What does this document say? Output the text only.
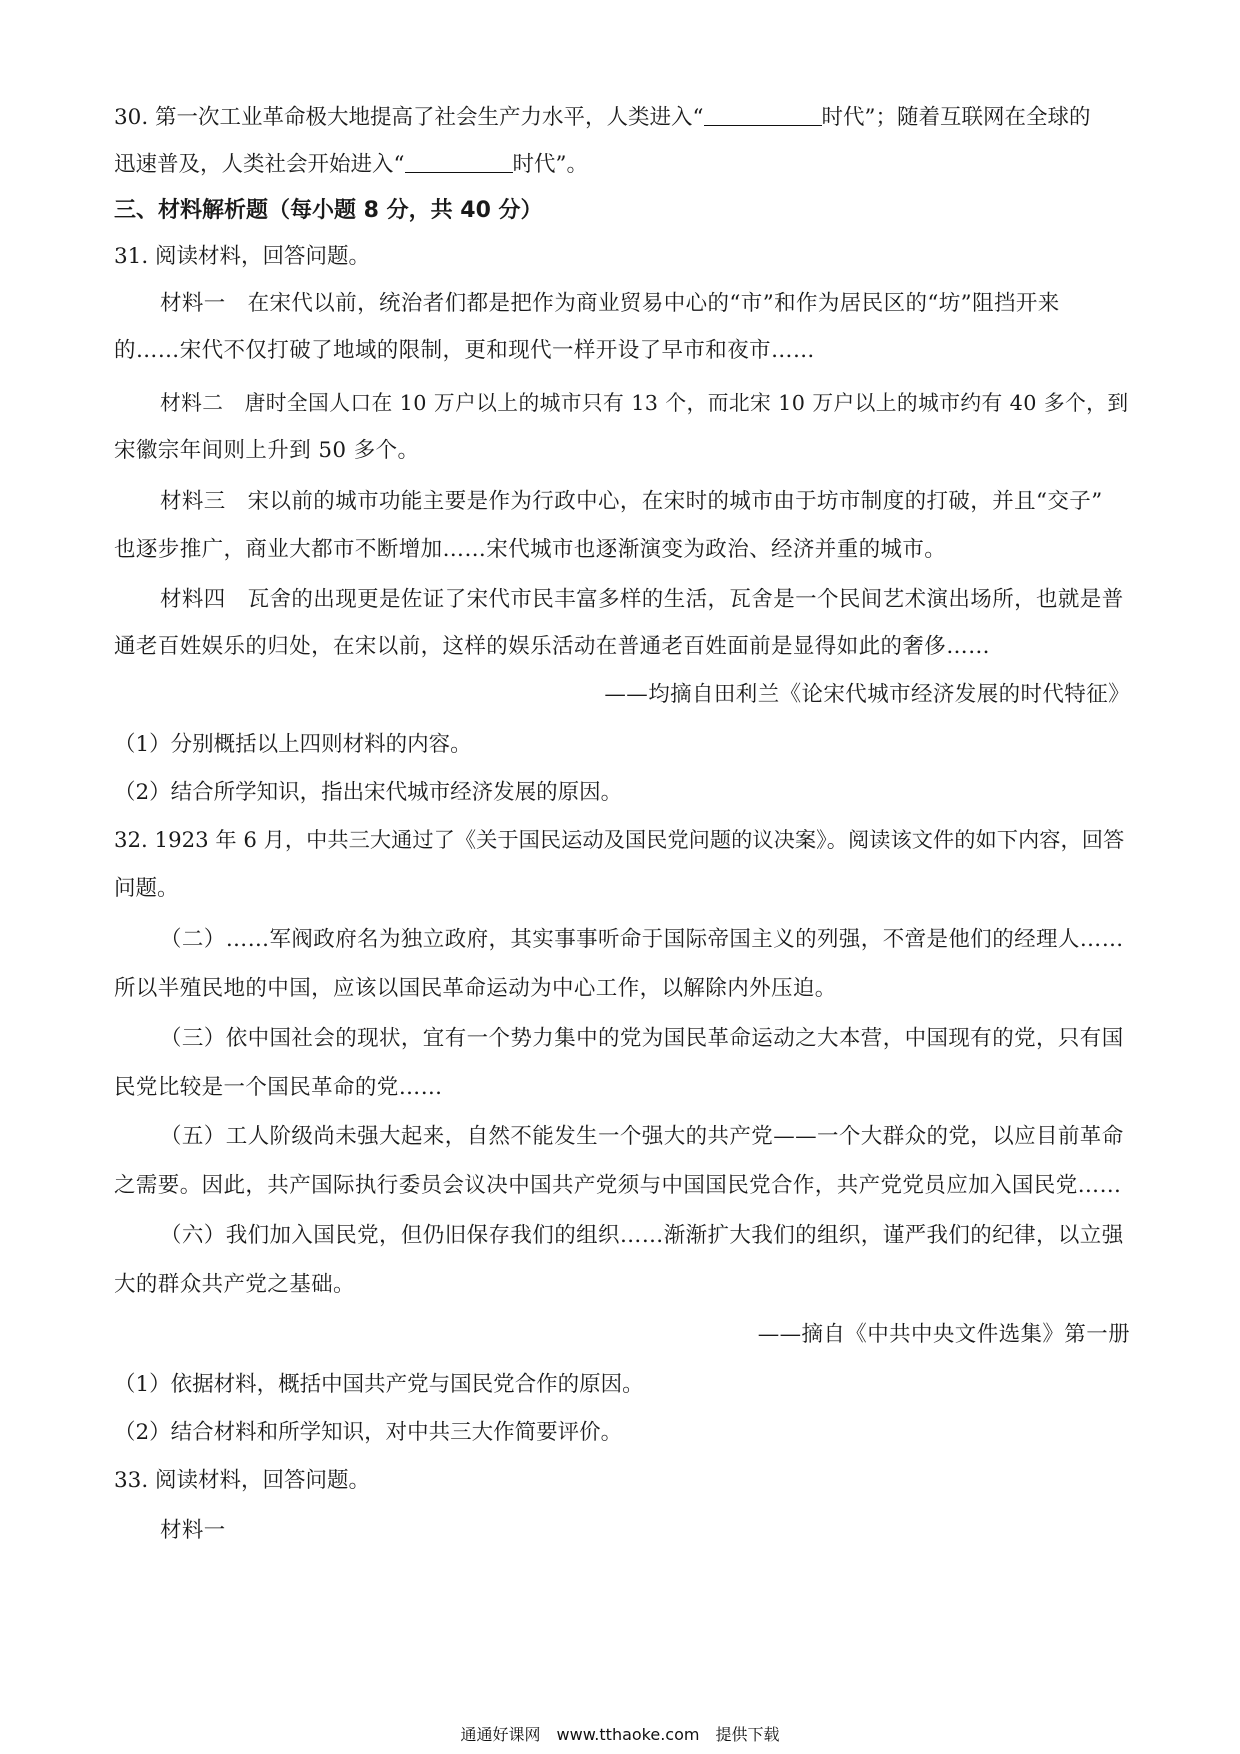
30. 第一次工业革命极大地提高了社会生产力水平，人类进入“	时代”；随着互联网在全球的
迅速普及，人类社会开始进入“	时代”。
三、材料解析题（每小题 8 分，共 40 分）
31. 阅读材料，回答问题。
材料一　在宋代以前，统治者们都是把作为商业贸易中心的“市”和作为居民区的“坊”阻挡开来
的……宋代不仅打破了地域的限制，更和现代一样开设了早市和夜市……
材料二　唐时全国人口在 10 万户以上的城市只有 13 个，而北宋 10 万户以上的城市约有 40 多个，到
宋徽宗年间则上升到 50 多个。
材料三　宋以前的城市功能主要是作为行政中心，在宋时的城市由于坊市制度的打破，并且“交子”
也逐步推广，商业大都市不断增加……宋代城市也逐渐演变为政治、经济并重的城市。
材料四　瓦舍的出现更是佐证了宋代市民丰富多样的生活，瓦舍是一个民间艺术演出场所，也就是普
通老百姓娱乐的归处，在宋以前，这样的娱乐活动在普通老百姓面前是显得如此的奢侈……
——均摘自田利兰《论宋代城市经济发展的时代特征》
（1）分别概括以上四则材料的内容。
（2）结合所学知识，指出宋代城市经济发展的原因。
32. 1923 年 6 月，中共三大通过了《关于国民运动及国民党问题的议决案》。阅读该文件的如下内容，回答
问题。
（二）……军阀政府名为独立政府，其实事事听命于国际帝国主义的列强，不啻是他们的经理人……
所以半殖民地的中国，应该以国民革命运动为中心工作，以解除内外压迫。
（三）依中国社会的现状，宜有一个势力集中的党为国民革命运动之大本营，中国现有的党，只有国
民党比较是一个国民革命的党……
（五）工人阶级尚未强大起来，自然不能发生一个强大的共产党——一个大群众的党，以应目前革命
之需要。因此，共产国际执行委员会议决中国共产党须与中国国民党合作，共产党党员应加入国民党……
（六）我们加入国民党，但仍旧保存我们的组织……渐渐扩大我们的组织，谨严我们的纪律，以立强
大的群众共产党之基础。
——摘自《中共中央文件选集》第一册
（1）依据材料，概括中国共产党与国民党合作的原因。
（2）结合材料和所学知识，对中共三大作简要评价。
33. 阅读材料，回答问题。
材料一
通通好课网　www.tthaoke.com　提供下载
